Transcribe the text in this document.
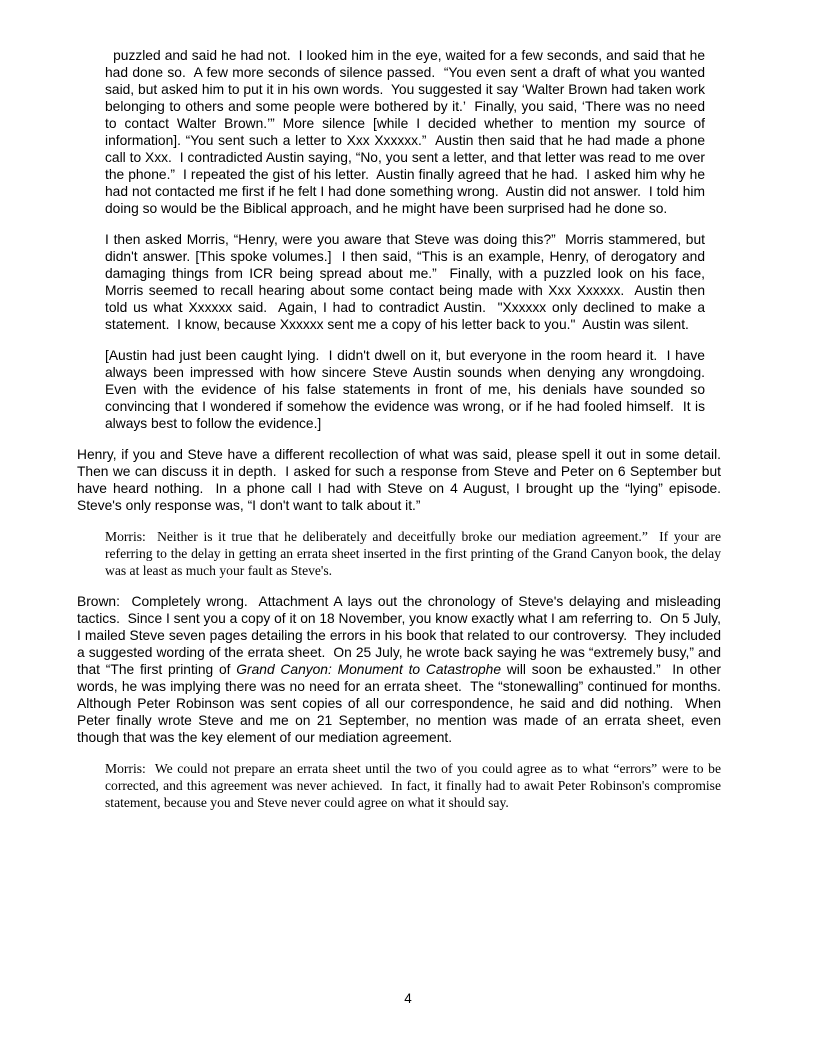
puzzled and said he had not.  I looked him in the eye, waited for a few seconds, and said that he had done so.  A few more seconds of silence passed.  “You even sent a draft of what you wanted said, but asked him to put it in his own words.  You suggested it say ‘Walter Brown had taken work belonging to others and some people were bothered by it.’  Finally, you said, ‘There was no need to contact Walter Brown.’” More silence [while I decided whether to mention my source of information]. “You sent such a letter to Xxx Xxxxxx.”  Austin then said that he had made a phone call to Xxx.  I contradicted Austin saying, “No, you sent a letter, and that letter was read to me over the phone.”  I repeated the gist of his letter.  Austin finally agreed that he had.  I asked him why he had not contacted me first if he felt I had done something wrong.  Austin did not answer.  I told him doing so would be the Biblical approach, and he might have been surprised had he done so.

I then asked Morris, “Henry, were you aware that Steve was doing this?”  Morris stammered, but didn't answer. [This spoke volumes.]  I then said, “This is an example, Henry, of derogatory and damaging things from ICR being spread about me.”  Finally, with a puzzled look on his face, Morris seemed to recall hearing about some contact being made with Xxx Xxxxxx.  Austin then told us what Xxxxxx said.  Again, I had to contradict Austin.  "Xxxxxx only declined to make a statement.  I know, because Xxxxxx sent me a copy of his letter back to you."  Austin was silent.

[Austin had just been caught lying.  I didn't dwell on it, but everyone in the room heard it.  I have always been impressed with how sincere Steve Austin sounds when denying any wrongdoing.  Even with the evidence of his false statements in front of me, his denials have sounded so convincing that I wondered if somehow the evidence was wrong, or if he had fooled himself.  It is always best to follow the evidence.]

Henry, if you and Steve have a different recollection of what was said, please spell it out in some detail.  Then we can discuss it in depth.  I asked for such a response from Steve and Peter on 6 September but have heard nothing.  In a phone call I had with Steve on 4 August, I brought up the “lying” episode.  Steve's only response was, “I don't want to talk about it.”

Morris:  Neither is it true that he deliberately and deceitfully broke our mediation agreement.”  If your are referring to the delay in getting an errata sheet inserted in the first printing of the Grand Canyon book, the delay was at least as much your fault as Steve's.

Brown:  Completely wrong.  Attachment A lays out the chronology of Steve's delaying and misleading tactics.  Since I sent you a copy of it on 18 November, you know exactly what I am referring to.  On 5 July, I mailed Steve seven pages detailing the errors in his book that related to our controversy.  They included a suggested wording of the errata sheet.  On 25 July, he wrote back saying he was “extremely busy,” and that “The first printing of Grand Canyon: Monument to Catastrophe will soon be exhausted.”  In other words, he was implying there was no need for an errata sheet.  The “stonewalling” continued for months.  Although Peter Robinson was sent copies of all our correspondence, he said and did nothing.  When Peter finally wrote Steve and me on 21 September, no mention was made of an errata sheet, even though that was the key element of our mediation agreement.

Morris:  We could not prepare an errata sheet until the two of you could agree as to what “errors” were to be corrected, and this agreement was never achieved.  In fact, it finally had to await Peter Robinson's compromise statement, because you and Steve never could agree on what it should say.

4
